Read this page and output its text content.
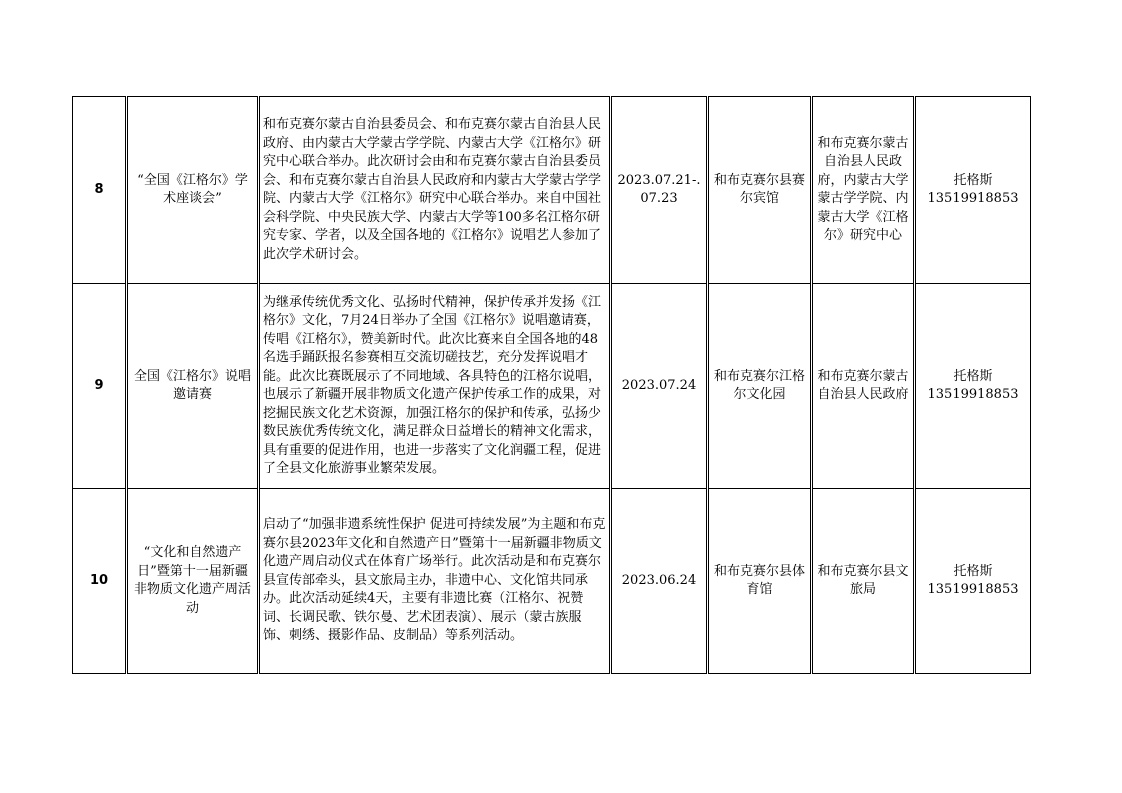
8	“全国《江格尔》学术座谈会”	和布克赛尔蒙古自治县委员会、和布克赛尔蒙古自治县人民政府、由内蒙古大学蒙古学学院、内蒙古大学《江格尔》研究中心联合举办。此次研讨会由和布克赛尔蒙古自治县委员会、和布克赛尔蒙古自治县人民政府和内蒙古大学蒙古学学院、内蒙古大学《江格尔》研究中心联合举办。来自中国社会科学院、中央民族大学、内蒙古大学等100多名江格尔研究专家、学者，以及全国各地的《江格尔》说唱艺人参加了此次学术研讨会。	2023.07.21-.07.23	和布克赛尔县赛尔宾馆	和布克赛尔蒙古自治县人民政府，内蒙古大学蒙古学学院、内蒙古大学《江格尔》研究中心	托格斯
13519918853
9	全国《江格尔》说唱邀请赛	为继承传统优秀文化、弘扬时代精神，保护传承并发扬《江格尔》文化，7月24日举办了全国《江格尔》说唱邀请赛，传唱《江格尔》，赞美新时代。此次比赛来自全国各地的48名选手踊跃报名参赛相互交流切磋技艺，充分发挥说唱才能。此次比赛既展示了不同地域、各具特色的江格尔说唱，也展示了新疆开展非物质文化遗产保护传承工作的成果，对挖掘民族文化艺术资源，加强江格尔的保护和传承，弘扬少数民族优秀传统文化，满足群众日益增长的精神文化需求，具有重要的促进作用，也进一步落实了文化润疆工程，促进了全县文化旅游事业繁荣发展。	2023.07.24	和布克赛尔江格尔文化园	和布克赛尔蒙古自治县人民政府	托格斯
13519918853
10	“文化和自然遗产日”暨第十一届新疆非物质文化遗产周活动	启动了“加强非遗系统性保护 促进可持续发展”为主题和布克赛尔县2023年文化和自然遗产日”暨第十一届新疆非物质文化遗产周启动仪式在体育广场举行。此次活动是和布克赛尔县宣传部牵头，县文旅局主办，非遗中心、文化馆共同承办。此次活动延续4天，主要有非遗比赛（江格尔、祝赞词、长调民歌、铁尔曼、艺术团表演）、展示（蒙古族服饰、刺绣、摄影作品、皮制品）等系列活动。	2023.06.24	和布克赛尔县体育馆	和布克赛尔县文旅局	托格斯
13519918853
